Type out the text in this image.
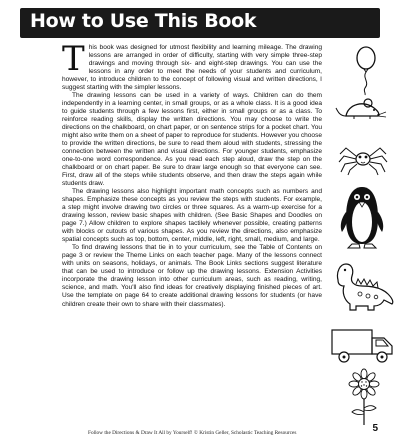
How to Use This Book

This book was designed for utmost flexibility and learning mileage. The drawing lessons are arranged in order of difficulty, starting with very simple three-step drawings and moving through six- and eight-step drawings. You can use the lessons in any order to meet the needs of your students and curriculum, however, to introduce children to the concept of following visual and written directions, I suggest starting with the simpler lessons.

The drawing lessons can be used in a variety of ways. Children can do them independently in a learning center, in small groups, or as a whole class. It is a good idea to guide students through a few lessons first, either in small groups or as a class. To reinforce reading skills, display the written directions. You may choose to write the directions on the chalkboard, on chart paper, or on sentence strips for a pocket chart. You might also write them on a sheet of paper to reproduce for students. However you choose to provide the written directions, be sure to read them aloud with students, stressing the connection between the written and visual directions. For younger students, emphasize one-to-one word correspondence. As you read each step aloud, draw the step on the chalkboard or on chart paper. Be sure to draw large enough so that everyone can see. First, draw all of the steps while students observe, and then draw the steps again while students draw.

The drawing lessons also highlight important math concepts such as numbers and shapes. Emphasize these concepts as you review the steps with students. For example, a step might involve drawing two circles or three squares. As a warm-up exercise for a drawing lesson, review basic shapes with children. (See Basic Shapes and Doodles on page 7.) Allow children to explore shapes tactilely whenever possible, creating patterns with blocks or cutouts of various shapes. As you review the directions, also emphasize spatial concepts such as top, bottom, center, middle, left, right, small, medium, and large.

To find drawing lessons that tie in to your curriculum, see the Table of Contents on page 3 or review the Theme Links on each teacher page. Many of the lessons connect with units on seasons, holidays, or animals. The Book Links sections suggest literature that can be used to introduce or follow up the drawing lessons. Extension Activities incorporate the drawing lesson into other curriculum areas, such as reading, writing, science, and math. You'll also find ideas for creatively displaying finished pieces of art. Use the template on page 64 to create additional drawing lessons for students (or have children create their own to share with their classmates).

Follow the Directions & Draw It All by Yourself! © Kristin Geller, Scholastic Teaching Resources	5
